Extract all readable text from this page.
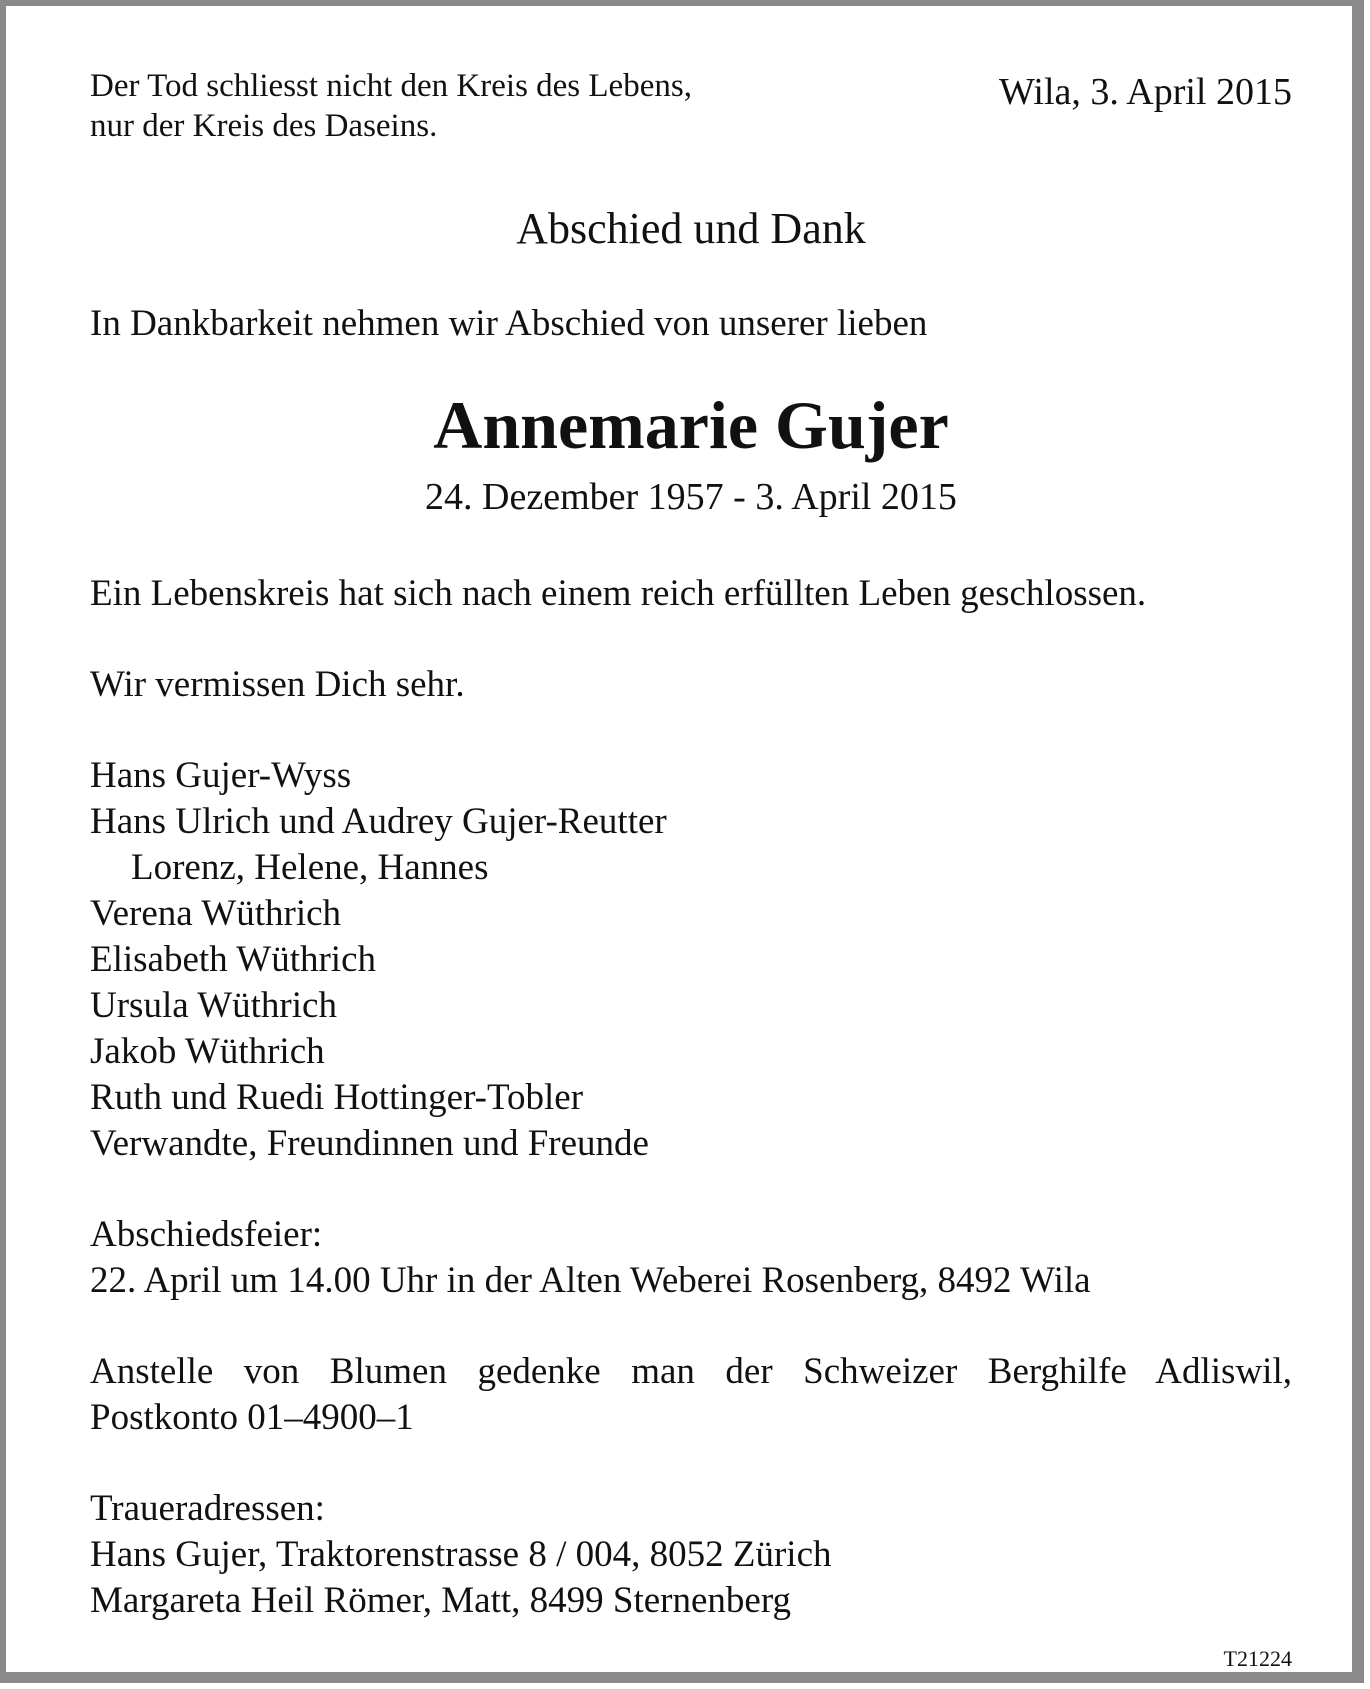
Der Tod schliesst nicht den Kreis des Lebens,
nur der Kreis des Daseins.
Wila, 3. April 2015
Abschied und Dank
In Dankbarkeit nehmen wir Abschied von unserer lieben
Annemarie Gujer
24. Dezember 1957 - 3. April 2015
Ein Lebenskreis hat sich nach einem reich erfüllten Leben geschlossen.
Wir vermissen Dich sehr.
Hans Gujer-Wyss
Hans Ulrich und Audrey Gujer-Reutter
Lorenz, Helene, Hannes
Verena Wüthrich
Elisabeth Wüthrich
Ursula Wüthrich
Jakob Wüthrich
Ruth und Ruedi Hottinger-Tobler
Verwandte, Freundinnen und Freunde
Abschiedsfeier:
22. April um 14.00 Uhr in der Alten Weberei Rosenberg, 8492 Wila
Anstelle von Blumen gedenke man der Schweizer Berghilfe Adliswil,
Postkonto 01–4900–1
Traueradressen:
Hans Gujer, Traktorenstrasse 8 / 004, 8052 Zürich
Margareta Heil Römer, Matt, 8499 Sternenberg
T21224
